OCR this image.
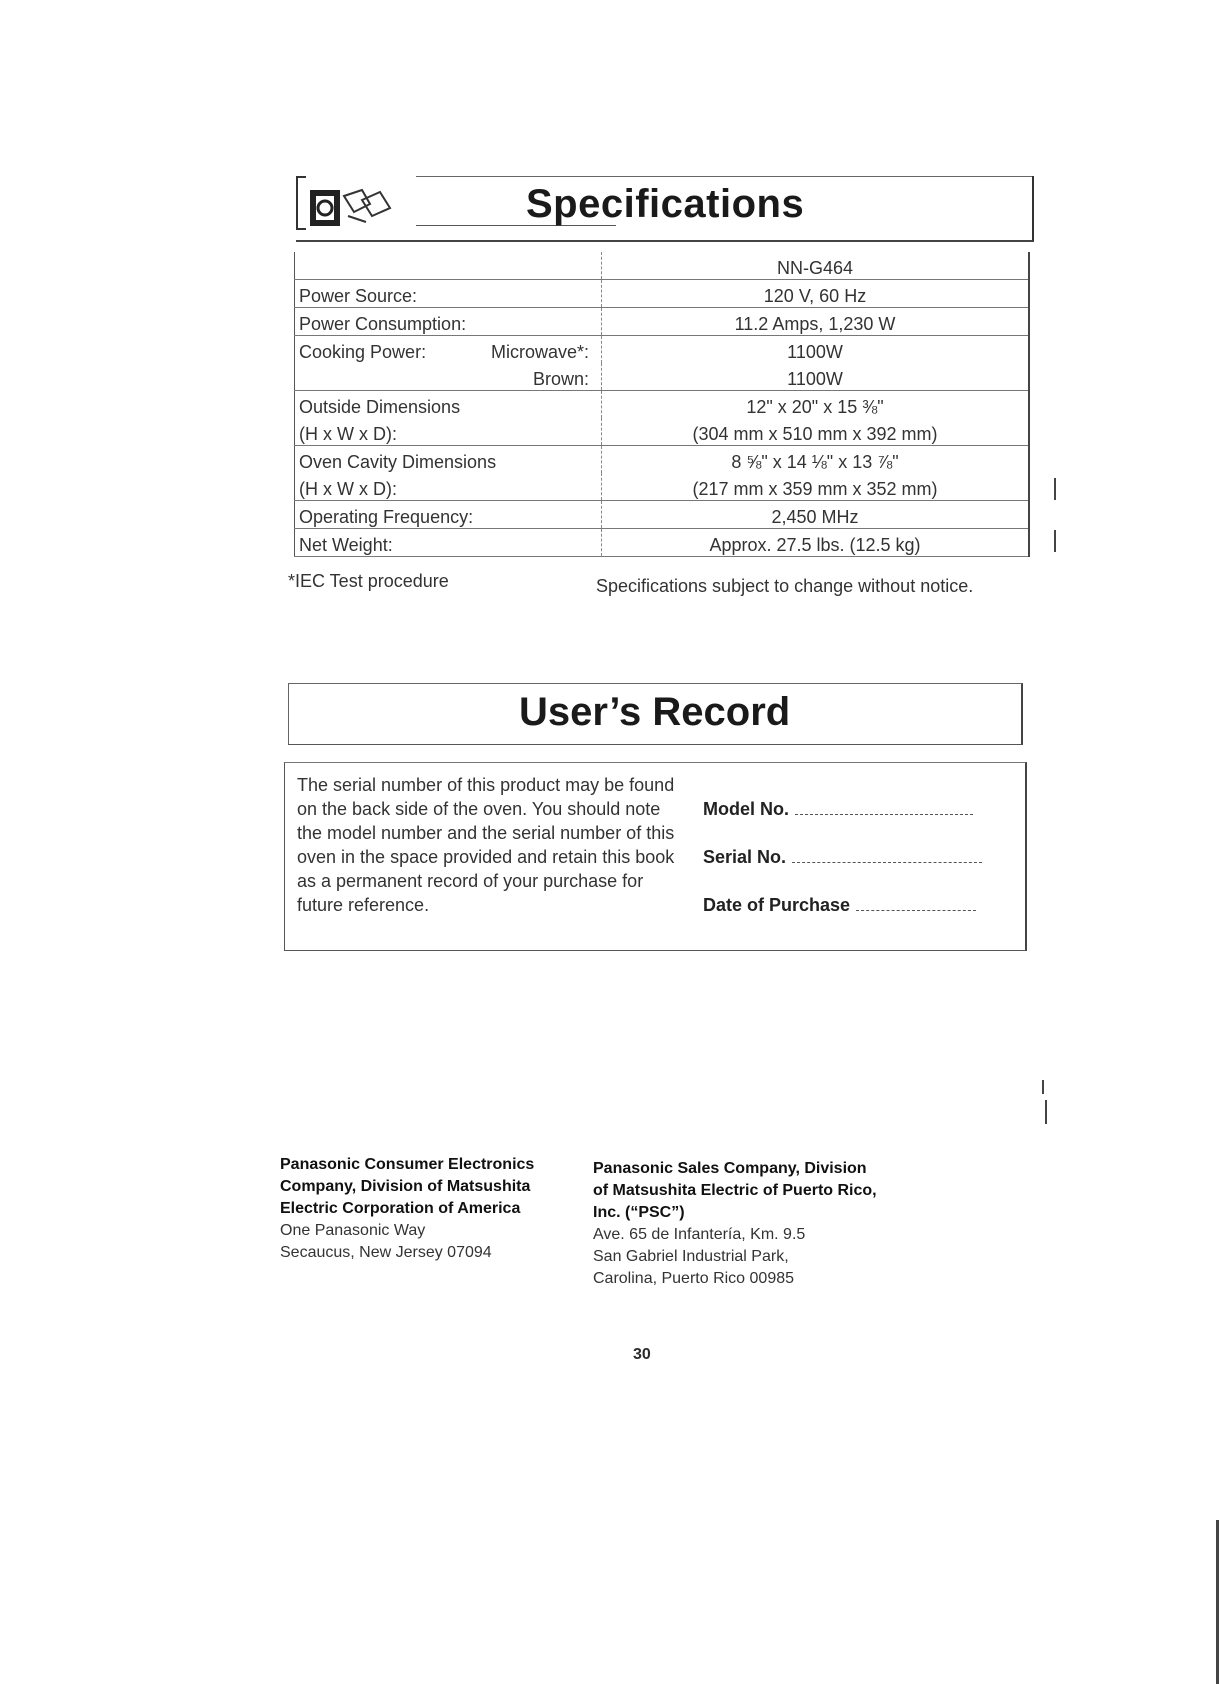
Specifications
	NN-G464
Power Source:	120 V, 60 Hz
Power Consumption:	11.2 Amps, 1,230 W
Cooking Power: Microwave*:	1100W
Brown:	1100W
Outside Dimensions	12" x 20" x 15 ⅜"
(H x W x D):	(304 mm x 510 mm x 392 mm)
Oven Cavity Dimensions	8 ⅝" x 14 ⅛" x 13 ⅞"
(H x W x D):	(217 mm x 359 mm x 352 mm)
Operating Frequency:	2,450 MHz
Net Weight:	Approx. 27.5 lbs. (12.5 kg)
*IEC Test procedure	Specifications subject to change without notice.
User’s Record
The serial number of this product may be found on the back side of the oven. You should note the model number and the serial number of this oven in the space provided and retain this book as a permanent record of your purchase for future reference.
Model No.
Serial No.
Date of Purchase
Panasonic Consumer Electronics
Company, Division of Matsushita
Electric Corporation of America
One Panasonic Way
Secaucus, New Jersey 07094
Panasonic Sales Company, Division
of Matsushita Electric of Puerto Rico,
Inc. (“PSC”)
Ave. 65 de Infantería, Km. 9.5
San Gabriel Industrial Park,
Carolina, Puerto Rico 00985
30
